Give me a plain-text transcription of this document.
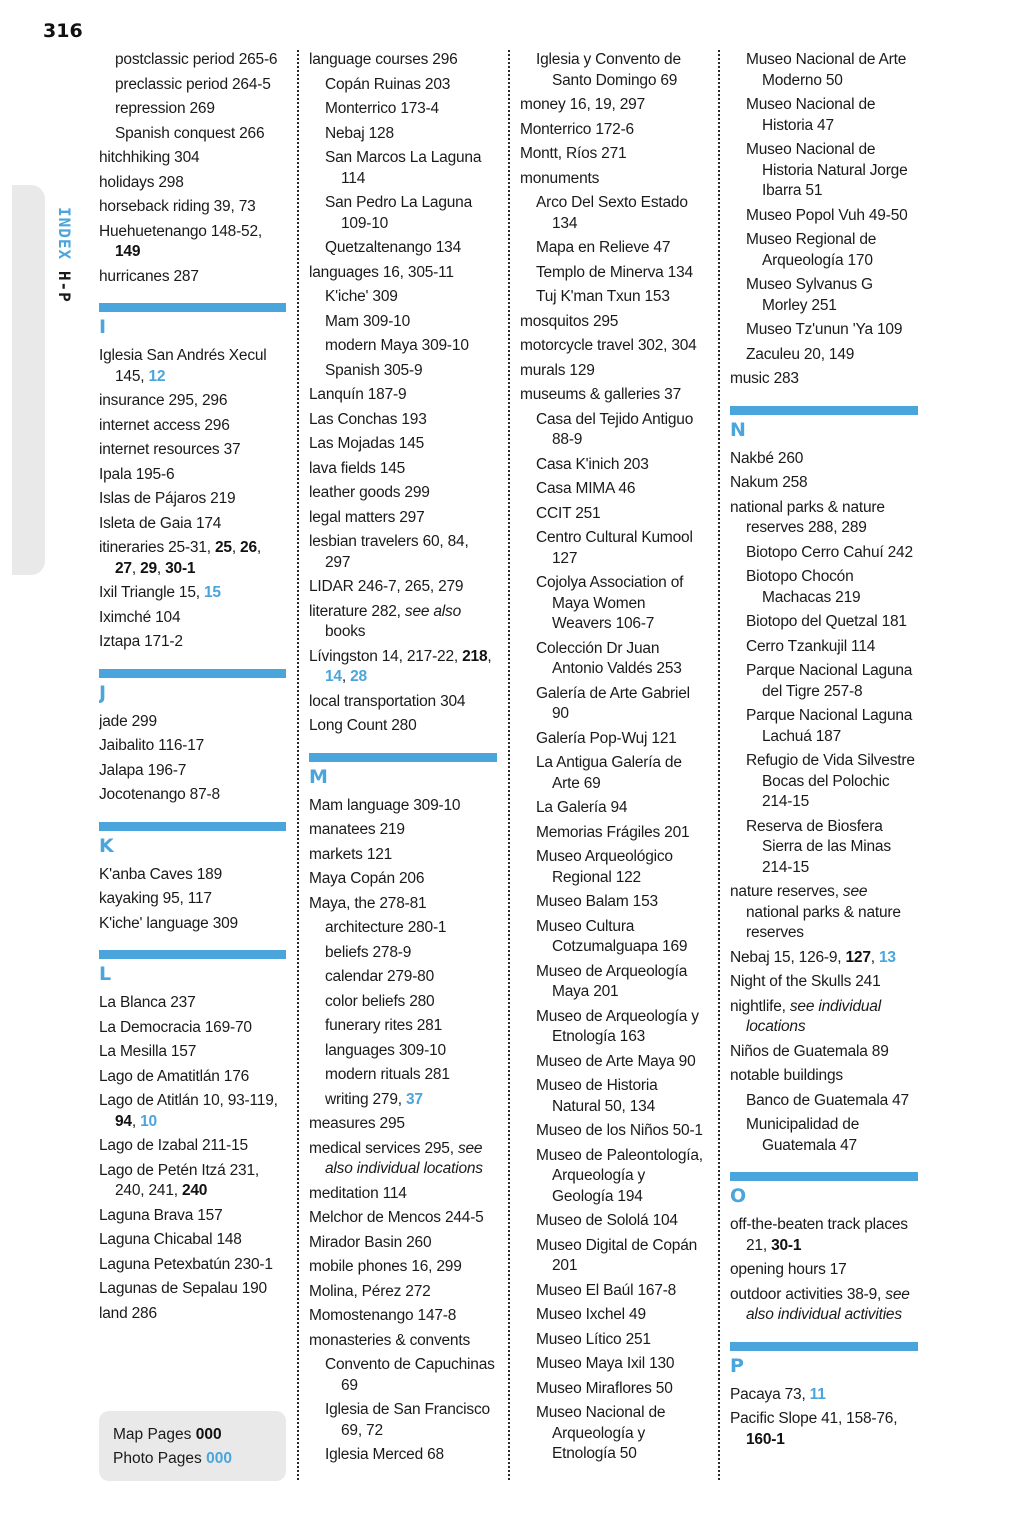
316
INDEX H-P
postclassic period 265-6
preclassic period 264-5
repression 269
Spanish conquest 266
hitchhiking 304
holidays 298
horseback riding 39, 73
Huehuetenango 148-52, 149
hurricanes 287
I
Iglesia San Andrés Xecul 145, 12
insurance 295, 296
internet access 296
internet resources 37
Ipala 195-6
Islas de Pájaros 219
Isleta de Gaia 174
itineraries 25-31, 25, 26, 27, 29, 30-1
Ixil Triangle 15, 15
Iximché 104
Iztapa 171-2
J
jade 299
Jaibalito 116-17
Jalapa 196-7
Jocotenango 87-8
K
K'anba Caves 189
kayaking 95, 117
K'iche' language 309
L
La Blanca 237
La Democracia 169-70
La Mesilla 157
Lago de Amatitlán 176
Lago de Atitlán 10, 93-119, 94, 10
Lago de Izabal 211-15
Lago de Petén Itzá 231, 240, 241, 240
Laguna Brava 157
Laguna Chicabal 148
Laguna Petexbatún 230-1
Lagunas de Sepalau 190
land 286
language courses 296
Copán Ruinas 203
Monterrico 173-4
Nebaj 128
San Marcos La Laguna 114
San Pedro La Laguna 109-10
Quetzaltenango 134
languages 16, 305-11
K'iche' 309
Mam 309-10
modern Maya 309-10
Spanish 305-9
Lanquín 187-9
Las Conchas 193
Las Mojadas 145
lava fields 145
leather goods 299
legal matters 297
lesbian travelers 60, 84, 297
LIDAR 246-7, 265, 279
literature 282, see also books
Lívingston 14, 217-22, 218, 14, 28
local transportation 304
Long Count 280
M
Mam language 309-10
manatees 219
markets 121
Maya Copán 206
Maya, the 278-81
architecture 280-1
beliefs 278-9
calendar 279-80
color beliefs 280
funerary rites 281
languages 309-10
modern rituals 281
writing 279, 37
measures 295
medical services 295, see also individual locations
meditation 114
Melchor de Mencos 244-5
Mirador Basin 260
mobile phones 16, 299
Molina, Pérez 272
Momostenango 147-8
monasteries & convents
Convento de Capuchinas 69
Iglesia de San Francisco 69, 72
Iglesia Merced 68
Iglesia y Convento de Santo Domingo 69
money 16, 19, 297
Monterrico 172-6
Montt, Ríos 271
monuments
Arco Del Sexto Estado 134
Mapa en Relieve 47
Templo de Minerva 134
Tuj K'man Txun 153
mosquitos 295
motorcycle travel 302, 304
murals 129
museums & galleries 37
Casa del Tejido Antiguo 88-9
Casa K'inich 203
Casa MIMA 46
CCIT 251
Centro Cultural Kumool 127
Cojolya Association of Maya Women Weavers 106-7
Colección Dr Juan Antonio Valdés 253
Galería de Arte Gabriel 90
Galería Pop-Wuj 121
La Antigua Galería de Arte 69
La Galería 94
Memorias Frágiles 201
Museo Arqueológico Regional 122
Museo Balam 153
Museo Cultura Cotzumalguapa 169
Museo de Arqueología Maya 201
Museo de Arqueología y Etnología 163
Museo de Arte Maya 90
Museo de Historia Natural 50, 134
Museo de los Niños 50-1
Museo de Paleontología, Arqueología y Geología 194
Museo de Sololá 104
Museo Digital de Copán 201
Museo El Baúl 167-8
Museo Ixchel 49
Museo Lítico 251
Museo Maya Ixil 130
Museo Miraflores 50
Museo Nacional de Arqueología y Etnología 50
Museo Nacional de Arte Moderno 50
Museo Nacional de Historia 47
Museo Nacional de Historia Natural Jorge Ibarra 51
Museo Popol Vuh 49-50
Museo Regional de Arqueología 170
Museo Sylvanus G Morley 251
Museo Tz'unun 'Ya 109
Zaculeu 20, 149
music 283
N
Nakbé 260
Nakum 258
national parks & nature reserves 288, 289
Biotopo Cerro Cahuí 242
Biotopo Chocón Machacas 219
Biotopo del Quetzal 181
Cerro Tzankujil 114
Parque Nacional Laguna del Tigre 257-8
Parque Nacional Laguna Lachuá 187
Refugio de Vida Silvestre Bocas del Polochic 214-15
Reserva de Biosfera Sierra de las Minas 214-15
nature reserves, see national parks & nature reserves
Nebaj 15, 126-9, 127, 13
Night of the Skulls 241
nightlife, see individual locations
Niños de Guatemala 89
notable buildings
Banco de Guatemala 47
Municipalidad de Guatemala 47
O
off-the-beaten track places 21, 30-1
opening hours 17
outdoor activities 38-9, see also individual activities
P
Pacaya 73, 11
Pacific Slope 41, 158-76, 160-1
Map Pages 000
Photo Pages 000
